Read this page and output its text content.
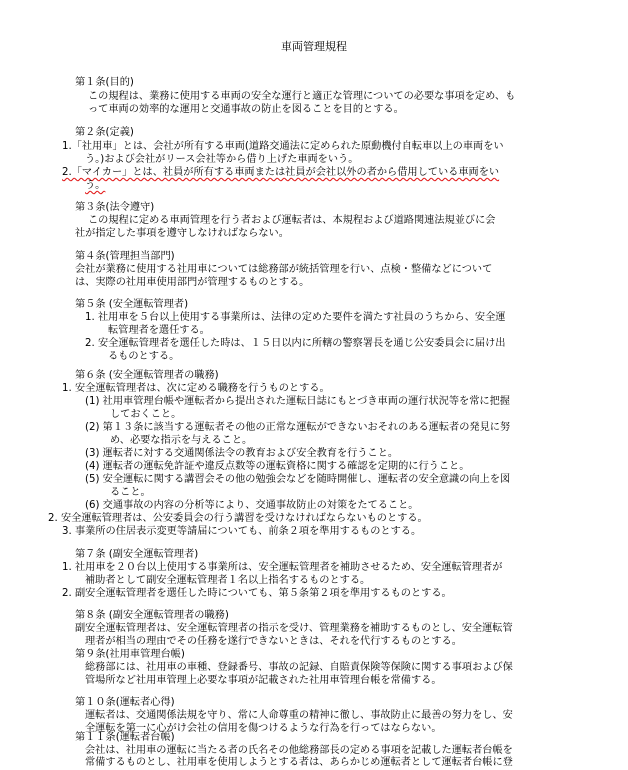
車両管理規程
第１条(目的)
この規程は、業務に使用する車両の安全な運行と適正な管理についての必要な事項を定め、も
って車両の効率的な運用と交通事故の防止を図ることを目的とする。
第２条(定義)
1.「社用車」とは、会社が所有する車両(道路交通法に定められた原動機付自転車以上の車両をい
う。)および会社がリース会社等から借り上げた車両をいう。
2.「マイカー」とは、社員が所有する車両または社員が会社以外の者から借用している車両をい
う。
第３条(法令遵守)
この規程に定める車両管理を行う者および運転者は、本規程および道路関連法規並びに会
社が指定した事項を遵守しなければならない。
第４条(管理担当部門)
会社が業務に使用する社用車については総務部が統括管理を行い、点検・整備などについて
は、実際の社用車使用部門が管理するものとする。
第５条 (安全運転管理者)
1. 社用車を５台以上使用する事業所は、法律の定めた要件を満たす社員のうちから、安全運
転管理者を選任する。
2. 安全運転管理者を選任した時は、１５日以内に所轄の警察署長を通じ公安委員会に届け出
るものとする。
第６条 (安全運転管理者の職務)
1. 安全運転管理者は、次に定める職務を行うものとする。
(1) 社用車管理台帳や運転者から提出された運転日誌にもとづき車両の運行状況等を常に把握
しておくこと。
(2) 第１３条に該当する運転者その他の正常な運転ができないおそれのある運転者の発見に努
め、必要な指示を与えること。
(3) 運転者に対する交通関係法令の教育および安全教育を行うこと。
(4) 運転者の運転免許証や違反点数等の運転資格に関する確認を定期的に行うこと。
(5) 安全運転に関する講習会その他の勉強会などを随時開催し、運転者の安全意識の向上を図
ること。
(6) 交通事故の内容の分析等により、交通事故防止の対策をたてること。
2. 安全運転管理者は、公安委員会の行う講習を受けなければならないものとする。
3. 事業所の住居表示変更等請届についても、前条２項を準用するものとする。
第７条 (副安全運転管理者)
1. 社用車を２０台以上使用する事業所は、安全運転管理者を補助させるため、安全運転管理者が
補助者として副安全運転管理者１名以上指名するものとする。
2. 副安全運転管理者を選任した時についても、第５条第２項を準用するものとする。
第８条 (副安全運転管理者の職務)
副安全運転管理者は、安全運転管理者の指示を受け、管理業務を補助するものとし、安全運転管
理者が相当の理由でその任務を遂行できないときは、それを代行するものとする。
第９条(社用車管理台帳)
総務部には、社用車の車種、登録番号、事故の記録、自賠責保険等保険に関する事項および保
管場所など社用車管理上必要な事項が記載された社用車管理台帳を常備する。
第１０条(運転者心得)
運転者は、交通関係法規を守り、常に人命尊重の精神に徹し、事故防止に最善の努力をし、安
全運転を第一に心がけ会社の信用を傷つけるような行為を行ってはならない。
第１１条(運転者台帳)
会社は、社用車の運転に当たる者の氏名その他総務部長の定める事項を記載した運転者台帳を
常備するものとし、社用車を使用しようとする者は、あらかじめ運転者として運転者台帳に登
